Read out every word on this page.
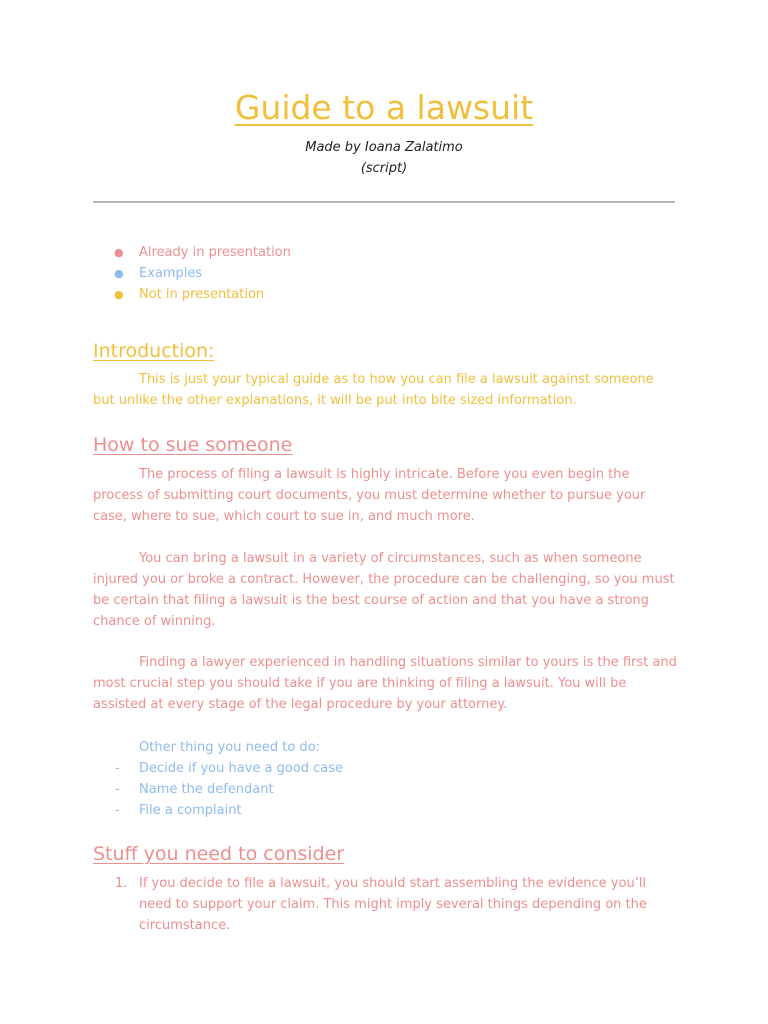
Guide to a lawsuit
Made by Ioana Zalatimo
(script)
● Already in presentation
● Examples
● Not in presentation
Introduction:

This is just your typical guide as to how you can file a lawsuit against someone but unlike the other explanations, it will be put into bite sized information.

How to sue someone

The process of filing a lawsuit is highly intricate. Before you even begin the process of submitting court documents, you must determine whether to pursue your case, where to sue, which court to sue in, and much more.

You can bring a lawsuit in a variety of circumstances, such as when someone injured you or broke a contract. However, the procedure can be challenging, so you must be certain that filing a lawsuit is the best course of action and that you have a strong chance of winning.

Finding a lawyer experienced in handling situations similar to yours is the first and most crucial step you should take if you are thinking of filing a lawsuit. You will be assisted at every stage of the legal procedure by your attorney.

Other thing you need to do:

- Decide if you have a good case
- Name the defendant
- File a complaint
Stuff you need to consider
1. If you decide to file a lawsuit, you should start assembling the evidence you’ll need to support your claim. This might imply several things depending on the circumstance.
